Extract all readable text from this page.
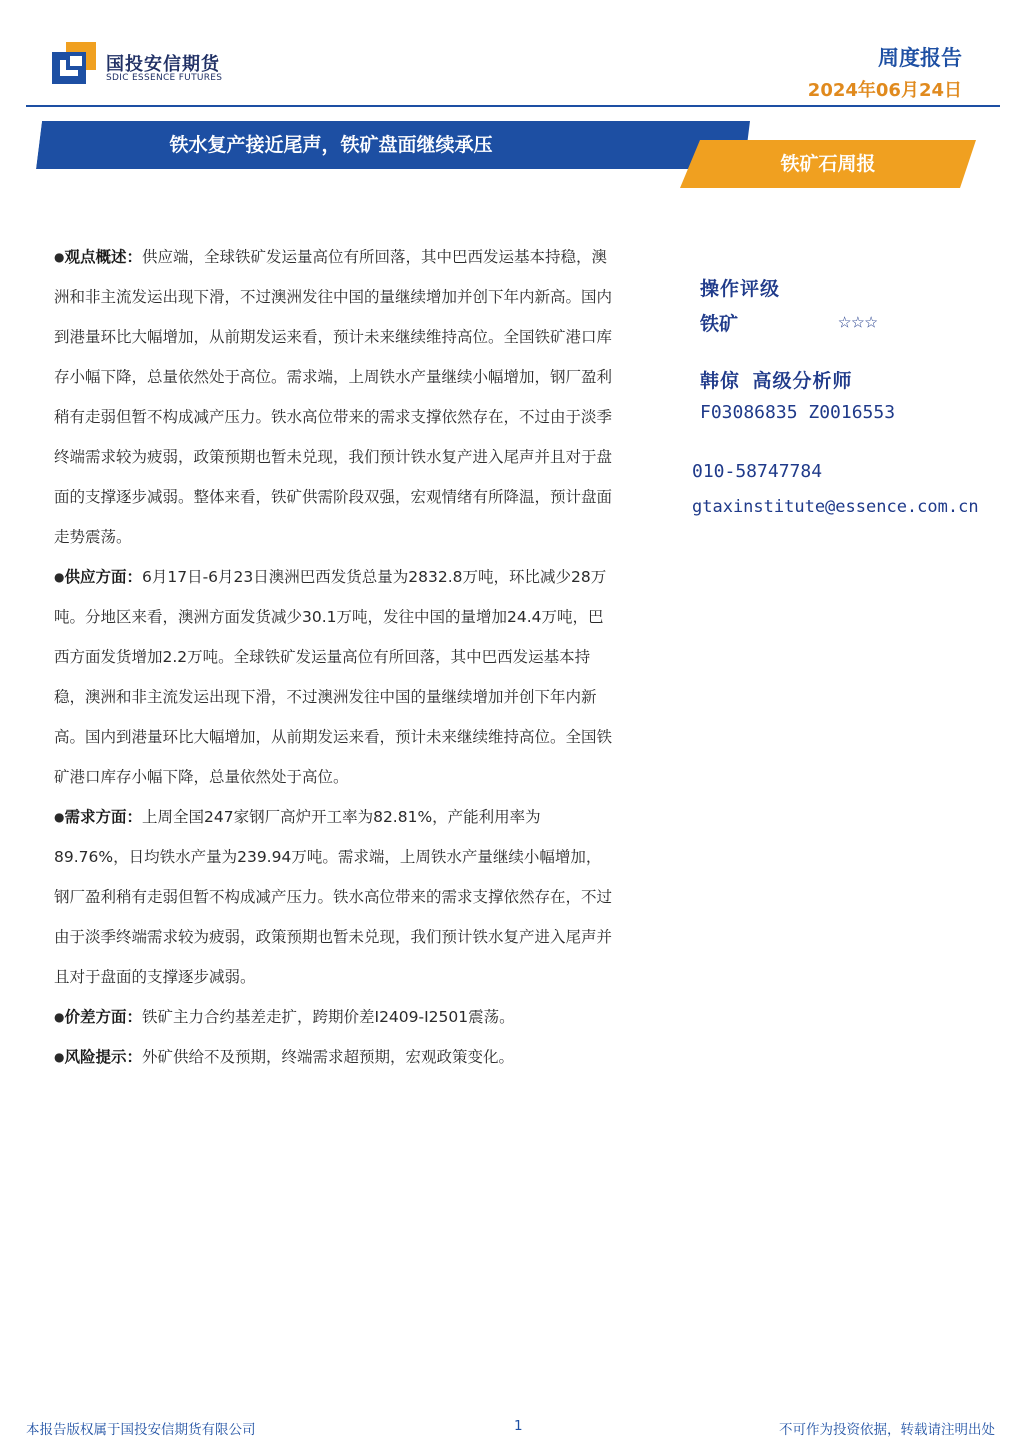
国投安信期货
SDIC ESSENCE FUTURES
周度报告
2024年06月24日
铁水复产接近尾声，铁矿盘面继续承压
铁矿石周报

●观点概述：供应端，全球铁矿发运量高位有所回落，其中巴西发运基本持稳，澳洲和非主流发运出现下滑，不过澳洲发往中国的量继续增加并创下年内新高。国内到港量环比大幅增加，从前期发运来看，预计未来继续维持高位。全国铁矿港口库存小幅下降，总量依然处于高位。需求端，上周铁水产量继续小幅增加，钢厂盈利稍有走弱但暂不构成减产压力。铁水高位带来的需求支撑依然存在，不过由于淡季终端需求较为疲弱，政策预期也暂未兑现，我们预计铁水复产进入尾声并且对于盘面的支撑逐步减弱。整体来看，铁矿供需阶段双强，宏观情绪有所降温，预计盘面走势震荡。

●供应方面：6月17日-6月23日澳洲巴西发货总量为2832.8万吨，环比减少28万吨。分地区来看，澳洲方面发货减少30.1万吨，发往中国的量增加24.4万吨，巴西方面发货增加2.2万吨。全球铁矿发运量高位有所回落，其中巴西发运基本持稳，澳洲和非主流发运出现下滑，不过澳洲发往中国的量继续增加并创下年内新高。国内到港量环比大幅增加，从前期发运来看，预计未来继续维持高位。全国铁矿港口库存小幅下降，总量依然处于高位。

●需求方面：上周全国247家钢厂高炉开工率为82.81%，产能利用率为89.76%，日均铁水产量为239.94万吨。需求端，上周铁水产量继续小幅增加，钢厂盈利稍有走弱但暂不构成减产压力。铁水高位带来的需求支撑依然存在，不过由于淡季终端需求较为疲弱，政策预期也暂未兑现，我们预计铁水复产进入尾声并且对于盘面的支撑逐步减弱。

●价差方面：铁矿主力合约基差走扩，跨期价差I2409-I2501震荡。

●风险提示：外矿供给不及预期，终端需求超预期，宏观政策变化。

操作评级
铁矿	☆☆☆
韩倞 高级分析师
F03086835 Z0016553
010-58747784
gtaxinstitute@essence.com.cn
本报告版权属于国投安信期货有限公司	1	不可作为投资依据，转载请注明出处
